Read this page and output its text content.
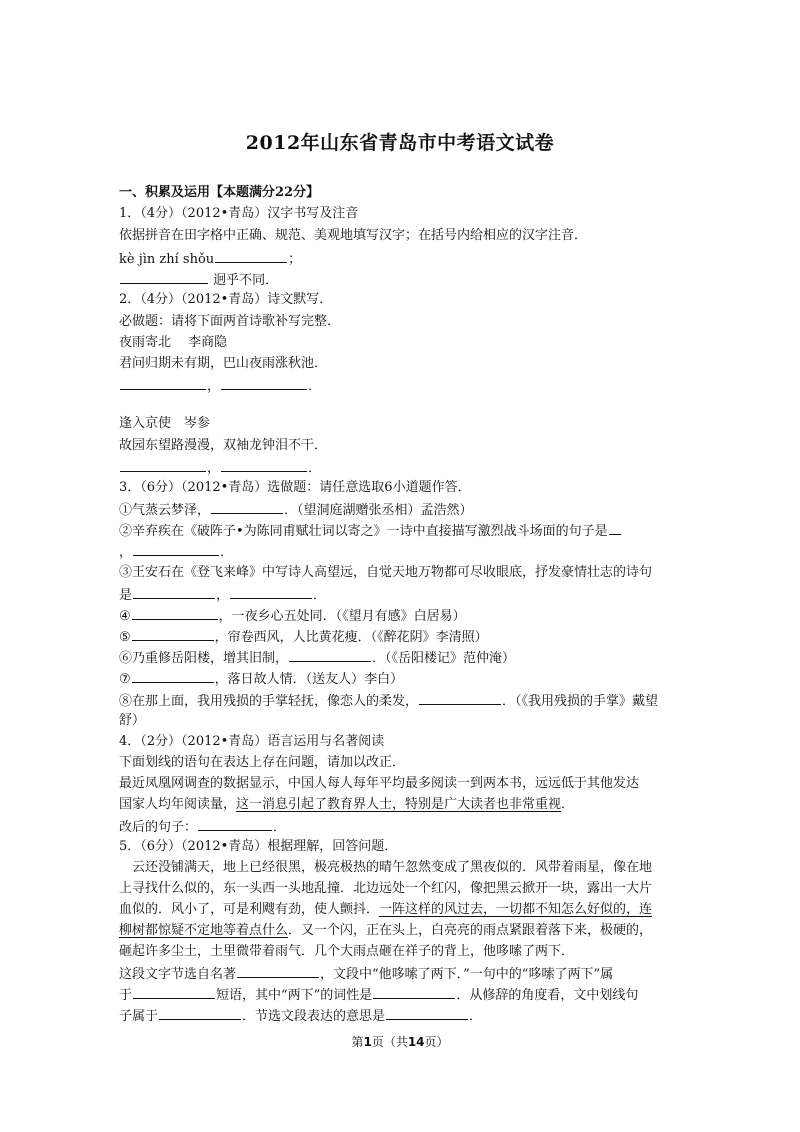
2012年山东省青岛市中考语文试卷
一、积累及运用【本题满分22分】
1．（4分）（2012•青岛）汉字书写及注音
依据拼音在田字格中正确、规范、美观地填写汉字；在括号内给相应的汉字注音．
kè jìn zhí shǒu	；
迥乎不同．
2．（4分）（2012•青岛）诗文默写．
必做题：请将下面两首诗歌补写完整．
夜雨寄北　 李商隐
君问归期未有期，巴山夜雨涨秋池．
，	．
逢入京使　岑参
故园东望路漫漫，双袖龙钟泪不干．
，	．
3．（6分）（2012•青岛）选做题：请任意选取6小道题作答．
①气蒸云梦泽，	．（望洞庭湖赠张丞相）孟浩然）
②辛弃疾在《破阵子•为陈同甫赋壮词以寄之》一诗中直接描写激烈战斗场面的句子是
，	．
③王安石在《登飞来峰》中写诗人高望远，自觉天地万物都可尽收眼底，抒发豪情壮志的诗句
是	，	．
④	，一夜乡心五处同．（《望月有感》白居易）
⑤	，帘卷西风，人比黄花瘦．（《醉花阴》李清照）
⑥乃重修岳阳楼，增其旧制，	．（《岳阳楼记》范仲淹）
⑦	，落日故人情．（送友人）李白）
⑧在那上面，我用残损的手掌轻抚，像恋人的柔发，	．（《我用残损的手掌》戴望
舒）
4．（2分）（2012•青岛）语言运用与名著阅读
下面划线的语句在表达上存在问题，请加以改正．
最近凤凰网调查的数据显示，中国人每人每年平均最多阅读一到两本书，远远低于其他发达
国家人均年阅读量，这一消息引起了教育界人士，特别是广大读者也非常重视．
改后的句子：	．
5．（6分）（2012•青岛）根据理解，回答问题．
　云还没铺满天，地上已经很黑，极亮极热的晴午忽然变成了黑夜似的．风带着雨星，像在地
上寻找什么似的，东一头西一头地乱撞．北边远处一个红闪，像把黑云掀开一块，露出一大片
血似的．风小了，可是利飕有劲，使人颤抖．一阵这样的风过去，一切都不知怎么好似的，连
柳树都惊疑不定地等着点什么．又一个闪，正在头上，白亮亮的雨点紧跟着落下来，极硬的，
砸起许多尘土，土里微带着雨气．几个大雨点砸在祥子的背上，他哆嗦了两下．
这段文字节选自名著	，文段中“他哆嗦了两下．”一句中的“哆嗦了两下”属
于	短语，其中“两下”的词性是	．从修辞的角度看，文中划线句
子属于	．节选文段表达的意思是	．
第1页（共14页）
